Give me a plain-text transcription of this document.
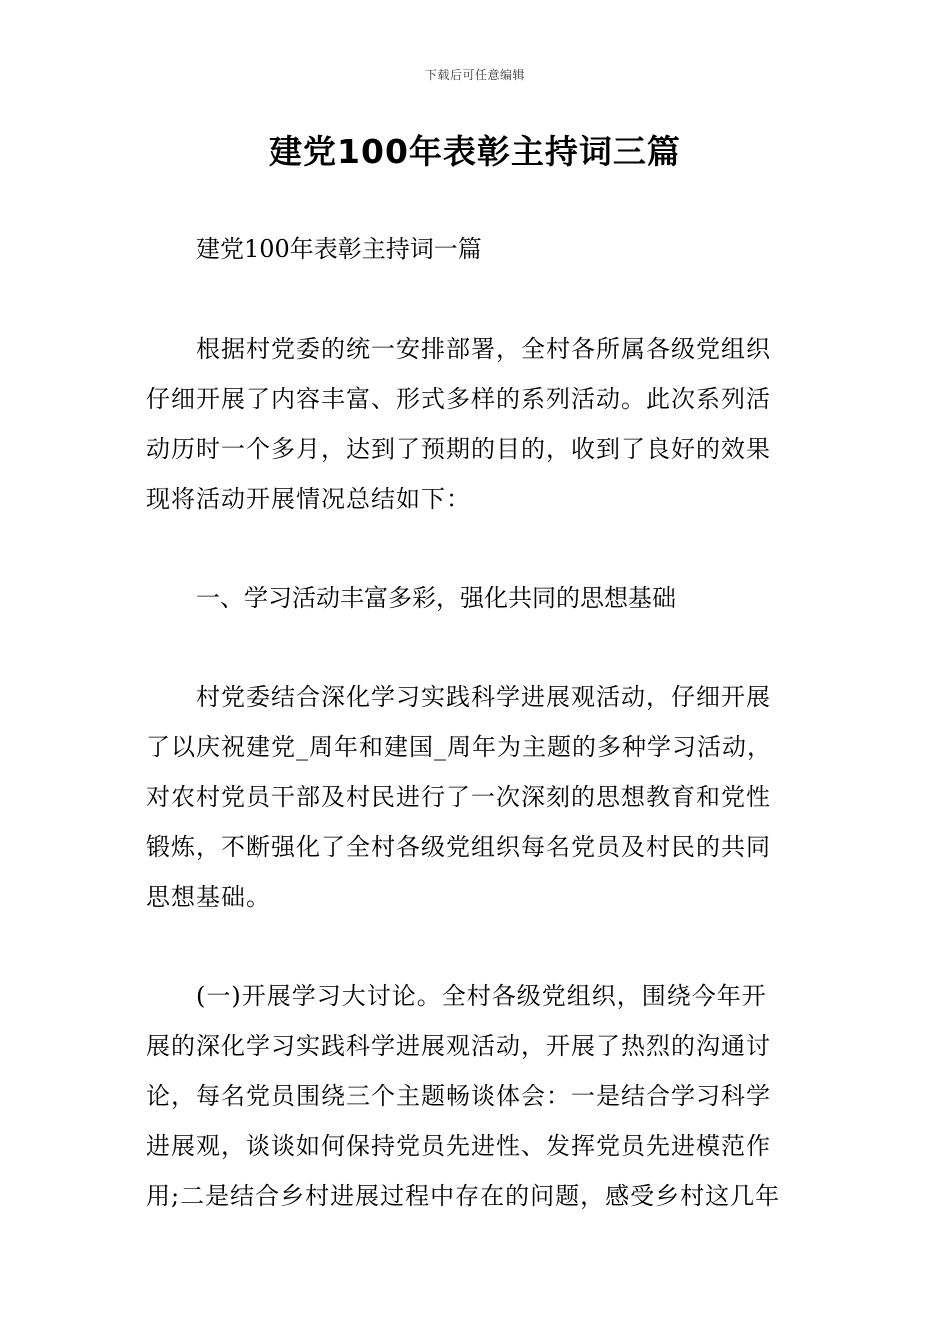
下载后可任意编辑
建党100年表彰主持词三篇
建党100年表彰主持词一篇
根据村党委的统一安排部署，全村各所属各级党组织
仔细开展了内容丰富、形式多样的系列活动。此次系列活
动历时一个多月，达到了预期的目的，收到了良好的效果
现将活动开展情况总结如下：
一、学习活动丰富多彩，强化共同的思想基础
村党委结合深化学习实践科学进展观活动，仔细开展
了以庆祝建党_周年和建国_周年为主题的多种学习活动，
对农村党员干部及村民进行了一次深刻的思想教育和党性
锻炼，不断强化了全村各级党组织每名党员及村民的共同
思想基础。
(一)开展学习大讨论。全村各级党组织，围绕今年开
展的深化学习实践科学进展观活动，开展了热烈的沟通讨
论，每名党员围绕三个主题畅谈体会：一是结合学习科学
进展观，谈谈如何保持党员先进性、发挥党员先进模范作
用;二是结合乡村进展过程中存在的问题，感受乡村这几年
